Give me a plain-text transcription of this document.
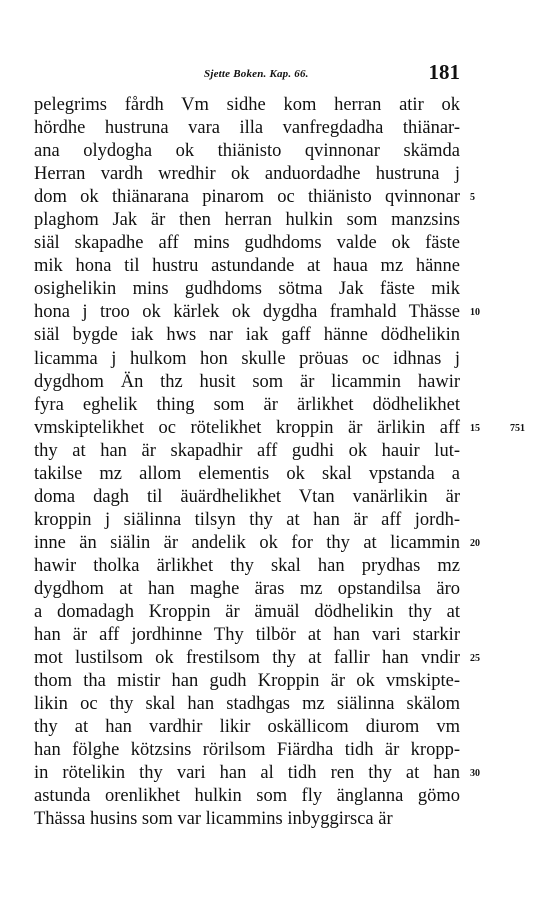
Sjette Boken. Kap. 66.	181
pelegrims fårdh Vm sidhe kom herran atir ok
hördhe hustruna vara illa vanfregdadha thiänar-
ana olydogha ok thiänisto qvinnonar skämda
Herran vardh wredhir ok anduordadhe hustruna j
dom ok thiänarana pinarom oc thiänisto qvinnonar
plaghom Jak är then herran hulkin som manzsins
siäl skapadhe aff mins gudhdoms valde ok fäste
mik hona til hustru astundande at haua mz hänne
osighelikin mins gudhdoms sötma Jak fäste mik
hona j troo ok kärlek ok dygdha framhald Thässe
siäl bygde iak hws nar iak gaff hänne dödhelikin
licamma j hulkom hon skulle pröuas oc idhnas j
dygdhom Än thz husit som är licammin hawir
fyra eghelik thing som är ärlikhet dödhelikhet
vmskiptelikhet oc rötelikhet kroppin är ärlikin aff
thy at han är skapadhir aff gudhi ok hauir lut-
takilse mz allom elementis ok skal vpstanda a
doma dagh til äuärdhelikhet Vtan vanärlikin är
kroppin j siälinna tilsyn thy at han är aff jordh-
inne än siälin är andelik ok for thy at licammin
hawir tholka ärlikhet thy skal han prydhas mz
dygdhom at han maghe äras mz opstandilsa äro
a domadagh Kroppin är ämuäl dödhelikin thy at
han är aff jordhinne Thy tilbör at han vari starkir
mot lustilsom ok frestilsom thy at fallir han vndir
thom tha mistir han gudh Kroppin är ok vmskipte-
likin oc thy skal han stadhgas mz siälinna skälom
thy at han vardhir likir oskällicom diurom vm
han fölghe kötzsins rörilsom Fiärdha tidh är kropp-
in rötelikin thy vari han al tidh ren thy at han
astunda orenlikhet hulkin som fly änglanna gömo
Thässa husins som var licammins inbyggirsca är
5
10
15	751
20
25
30
